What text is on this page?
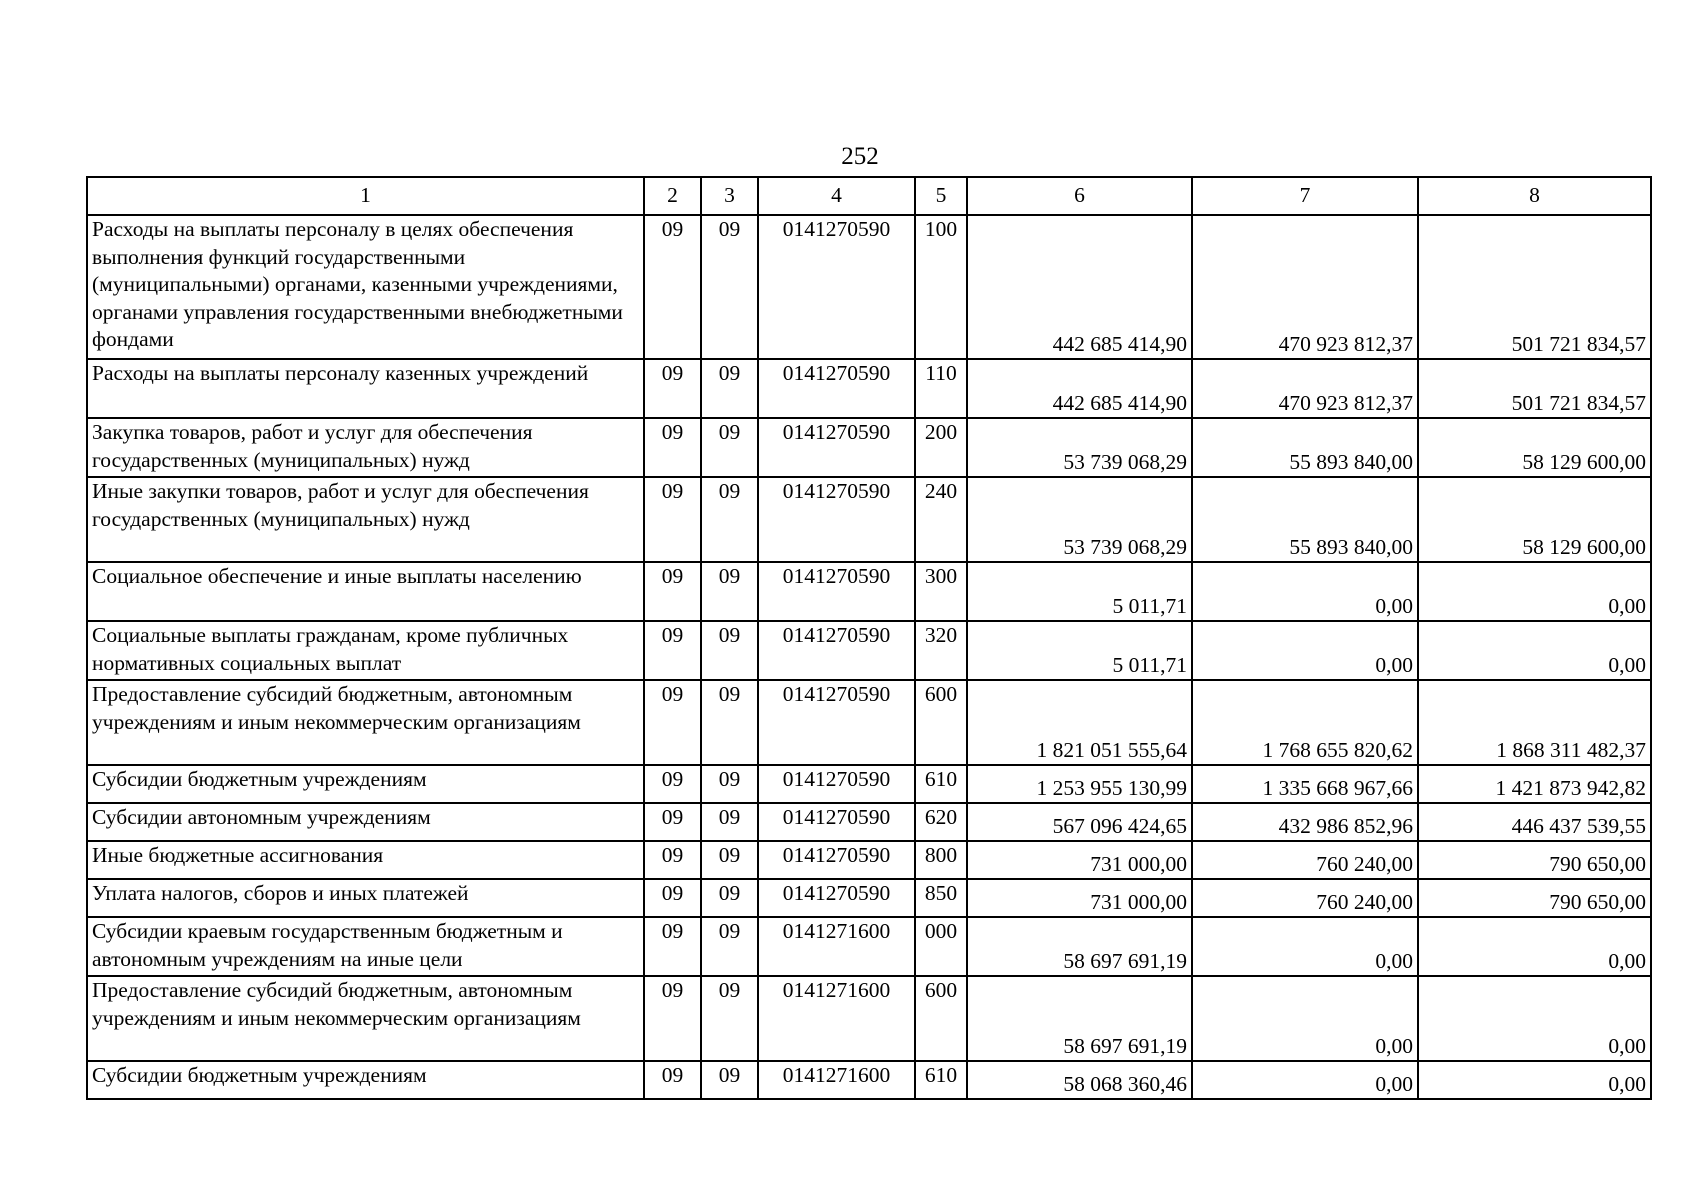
252
1	2	3	4	5	6	7	8
Расходы на выплаты персоналу в целях обеспечения выполнения функций государственными (муниципальными) органами, казенными учреждениями, органами управления государственными внебюджетными фондами	09	09	0141270590	100	442 685 414,90	470 923 812,37	501 721 834,57
Расходы на выплаты персоналу казенных учреждений	09	09	0141270590	110	442 685 414,90	470 923 812,37	501 721 834,57
Закупка товаров, работ и услуг для обеспечения государственных (муниципальных) нужд	09	09	0141270590	200	53 739 068,29	55 893 840,00	58 129 600,00
Иные закупки товаров, работ и услуг для обеспечения государственных (муниципальных) нужд	09	09	0141270590	240	53 739 068,29	55 893 840,00	58 129 600,00
Социальное обеспечение и иные выплаты населению	09	09	0141270590	300	5 011,71	0,00	0,00
Социальные выплаты гражданам, кроме публичных нормативных социальных выплат	09	09	0141270590	320	5 011,71	0,00	0,00
Предоставление субсидий бюджетным, автономным учреждениям и иным некоммерческим организациям	09	09	0141270590	600	1 821 051 555,64	1 768 655 820,62	1 868 311 482,37
Субсидии бюджетным учреждениям	09	09	0141270590	610	1 253 955 130,99	1 335 668 967,66	1 421 873 942,82
Субсидии автономным учреждениям	09	09	0141270590	620	567 096 424,65	432 986 852,96	446 437 539,55
Иные бюджетные ассигнования	09	09	0141270590	800	731 000,00	760 240,00	790 650,00
Уплата налогов, сборов и иных платежей	09	09	0141270590	850	731 000,00	760 240,00	790 650,00
Субсидии краевым государственным бюджетным и автономным учреждениям на иные цели	09	09	0141271600	000	58 697 691,19	0,00	0,00
Предоставление субсидий бюджетным, автономным учреждениям и иным некоммерческим организациям	09	09	0141271600	600	58 697 691,19	0,00	0,00
Субсидии бюджетным учреждениям	09	09	0141271600	610	58 068 360,46	0,00	0,00
